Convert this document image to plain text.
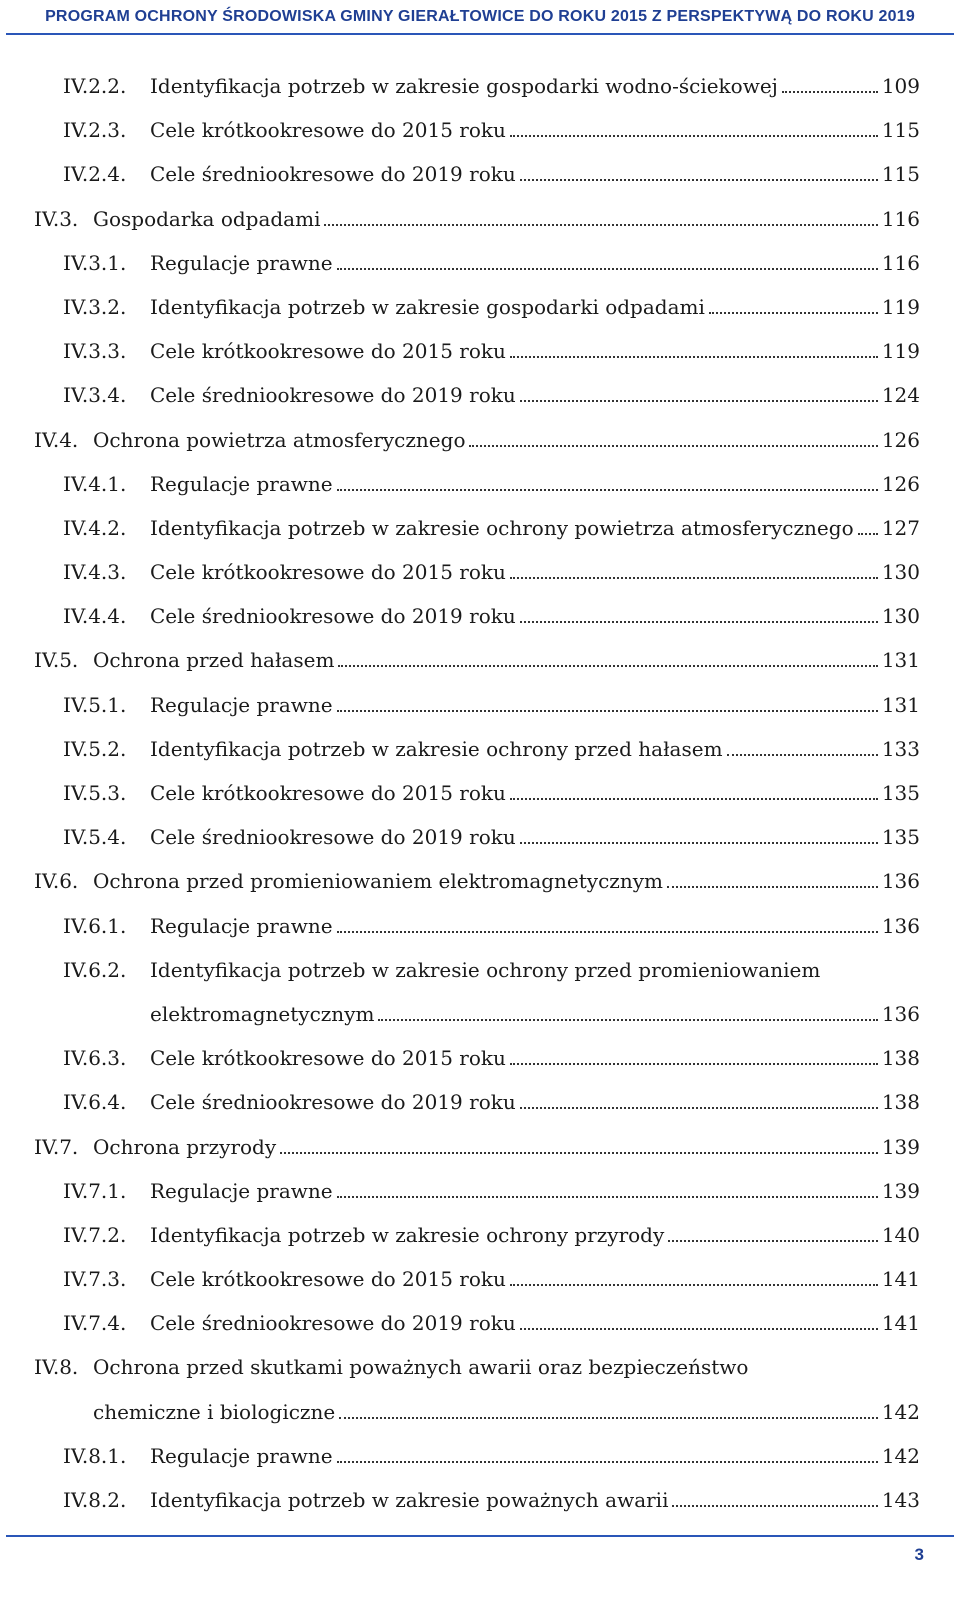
PROGRAM OCHRONY ŚRODOWISKA GMINY GIERAŁTOWICE DO ROKU 2015 Z PERSPEKTYWĄ DO ROKU 2019
IV.2.2. Identyfikacja potrzeb w zakresie gospodarki wodno-ściekowej	109
IV.2.3. Cele krótkookresowe do 2015 roku	115
IV.2.4. Cele średniookresowe do 2019 roku	115
IV.3. Gospodarka odpadami	116
IV.3.1. Regulacje prawne	116
IV.3.2. Identyfikacja potrzeb w zakresie gospodarki odpadami	119
IV.3.3. Cele krótkookresowe do 2015 roku	119
IV.3.4. Cele średniookresowe do 2019 roku	124
IV.4. Ochrona powietrza atmosferycznego	126
IV.4.1. Regulacje prawne	126
IV.4.2. Identyfikacja potrzeb w zakresie ochrony powietrza atmosferycznego 127
IV.4.3. Cele krótkookresowe do 2015 roku	130
IV.4.4. Cele średniookresowe do 2019 roku	130
IV.5. Ochrona przed hałasem	131
IV.5.1. Regulacje prawne	131
IV.5.2. Identyfikacja potrzeb w zakresie ochrony przed hałasem	133
IV.5.3. Cele krótkookresowe do 2015 roku	135
IV.5.4. Cele średniookresowe do 2019 roku	135
IV.6. Ochrona przed promieniowaniem elektromagnetycznym	136
IV.6.1. Regulacje prawne	136
IV.6.2. Identyfikacja potrzeb w zakresie ochrony przed promieniowaniem
elektromagnetycznym	136
IV.6.3. Cele krótkookresowe do 2015 roku	138
IV.6.4. Cele średniookresowe do 2019 roku	138
IV.7. Ochrona przyrody	139
IV.7.1. Regulacje prawne	139
IV.7.2. Identyfikacja potrzeb w zakresie ochrony przyrody	140
IV.7.3. Cele krótkookresowe do 2015 roku	141
IV.7.4. Cele średniookresowe do 2019 roku	141
IV.8. Ochrona przed skutkami poważnych awarii oraz bezpieczeństwo
chemiczne i biologiczne	142
IV.8.1. Regulacje prawne	142
IV.8.2. Identyfikacja potrzeb w zakresie poważnych awarii	143
3
